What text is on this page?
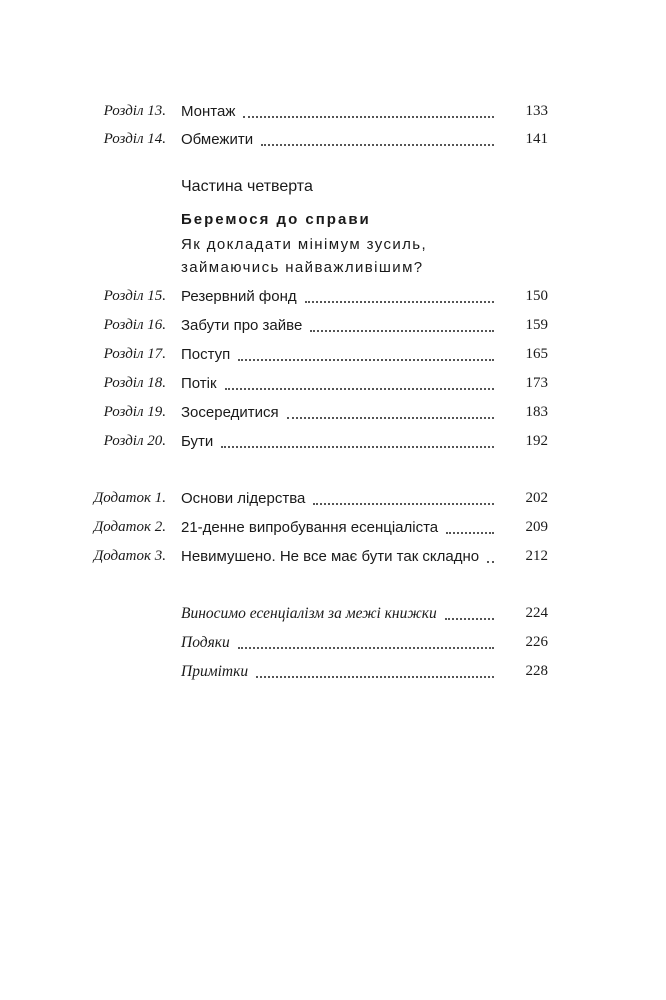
Розділ 13. Монтаж	133
Розділ 14. Обмежити	141
Частина четверта
Беремося до справи
Як докладати мінімум зусиль,
займаючись найважливішим?
Розділ 15. Резервний фонд	150
Розділ 16. Забути про зайве	159
Розділ 17. Поступ	165
Розділ 18. Потік	173
Розділ 19. Зосередитися	183
Розділ 20. Бути	192
Додаток 1. Основи лідерства	202
Додаток 2. 21-денне випробування есенціаліста	209
Додаток 3. Невимушено. Не все має бути так складно	212
Виносимо есенціалізм за межі книжки	224
Подяки	226
Примітки	228
